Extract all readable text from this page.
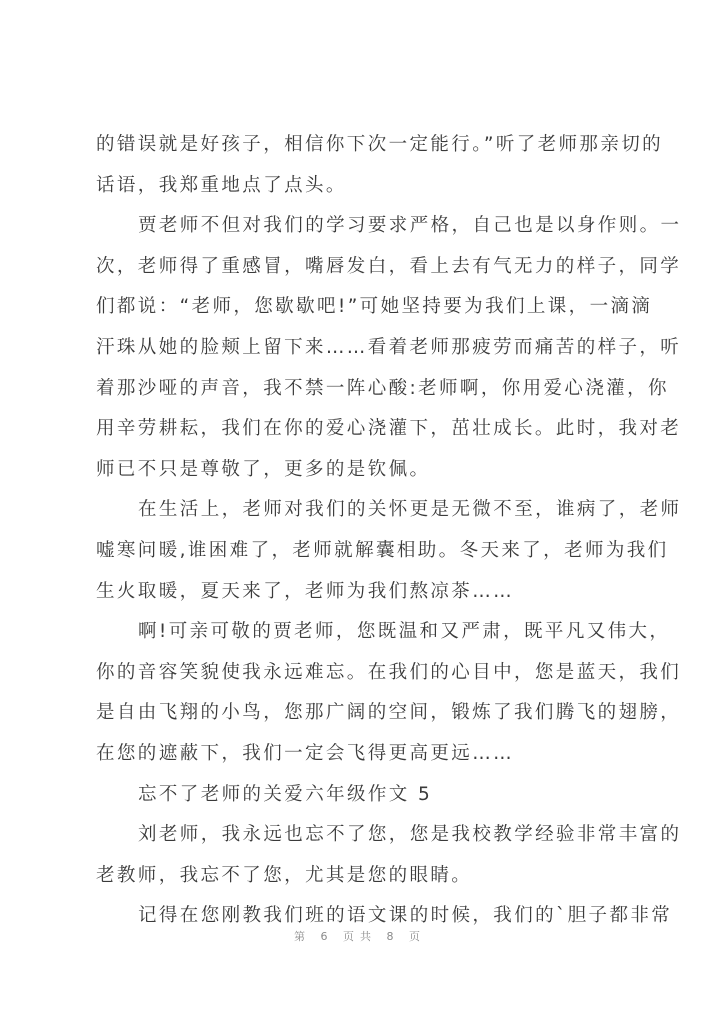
的错误就是好孩子，相信你下次一定能行。”听了老师那亲切的
话语，我郑重地点了点头。
贾老师不但对我们的学习要求严格，自己也是以身作则。一
次，老师得了重感冒，嘴唇发白，看上去有气无力的样子，同学
们都说：“老师，您歇歇吧!”可她坚持要为我们上课，一滴滴
汗珠从她的脸颊上留下来……看着老师那疲劳而痛苦的样子，听
着那沙哑的声音，我不禁一阵心酸:老师啊，你用爱心浇灌，你
用辛劳耕耘，我们在你的爱心浇灌下，茁壮成长。此时，我对老
师已不只是尊敬了，更多的是钦佩。
在生活上，老师对我们的关怀更是无微不至，谁病了，老师
嘘寒问暖,谁困难了，老师就解囊相助。冬天来了，老师为我们
生火取暖，夏天来了，老师为我们熬凉茶……
啊!可亲可敬的贾老师，您既温和又严肃，既平凡又伟大，
你的音容笑貌使我永远难忘。在我们的心目中，您是蓝天，我们
是自由飞翔的小鸟，您那广阔的空间，锻炼了我们腾飞的翅膀，
在您的遮蔽下，我们一定会飞得更高更远……
忘不了老师的关爱六年级作文 5
刘老师，我永远也忘不了您，您是我校教学经验非常丰富的
老教师，我忘不了您，尤其是您的眼睛。
记得在您刚教我们班的语文课的时候，我们的`胆子都非常
第 6 页共 8 页
